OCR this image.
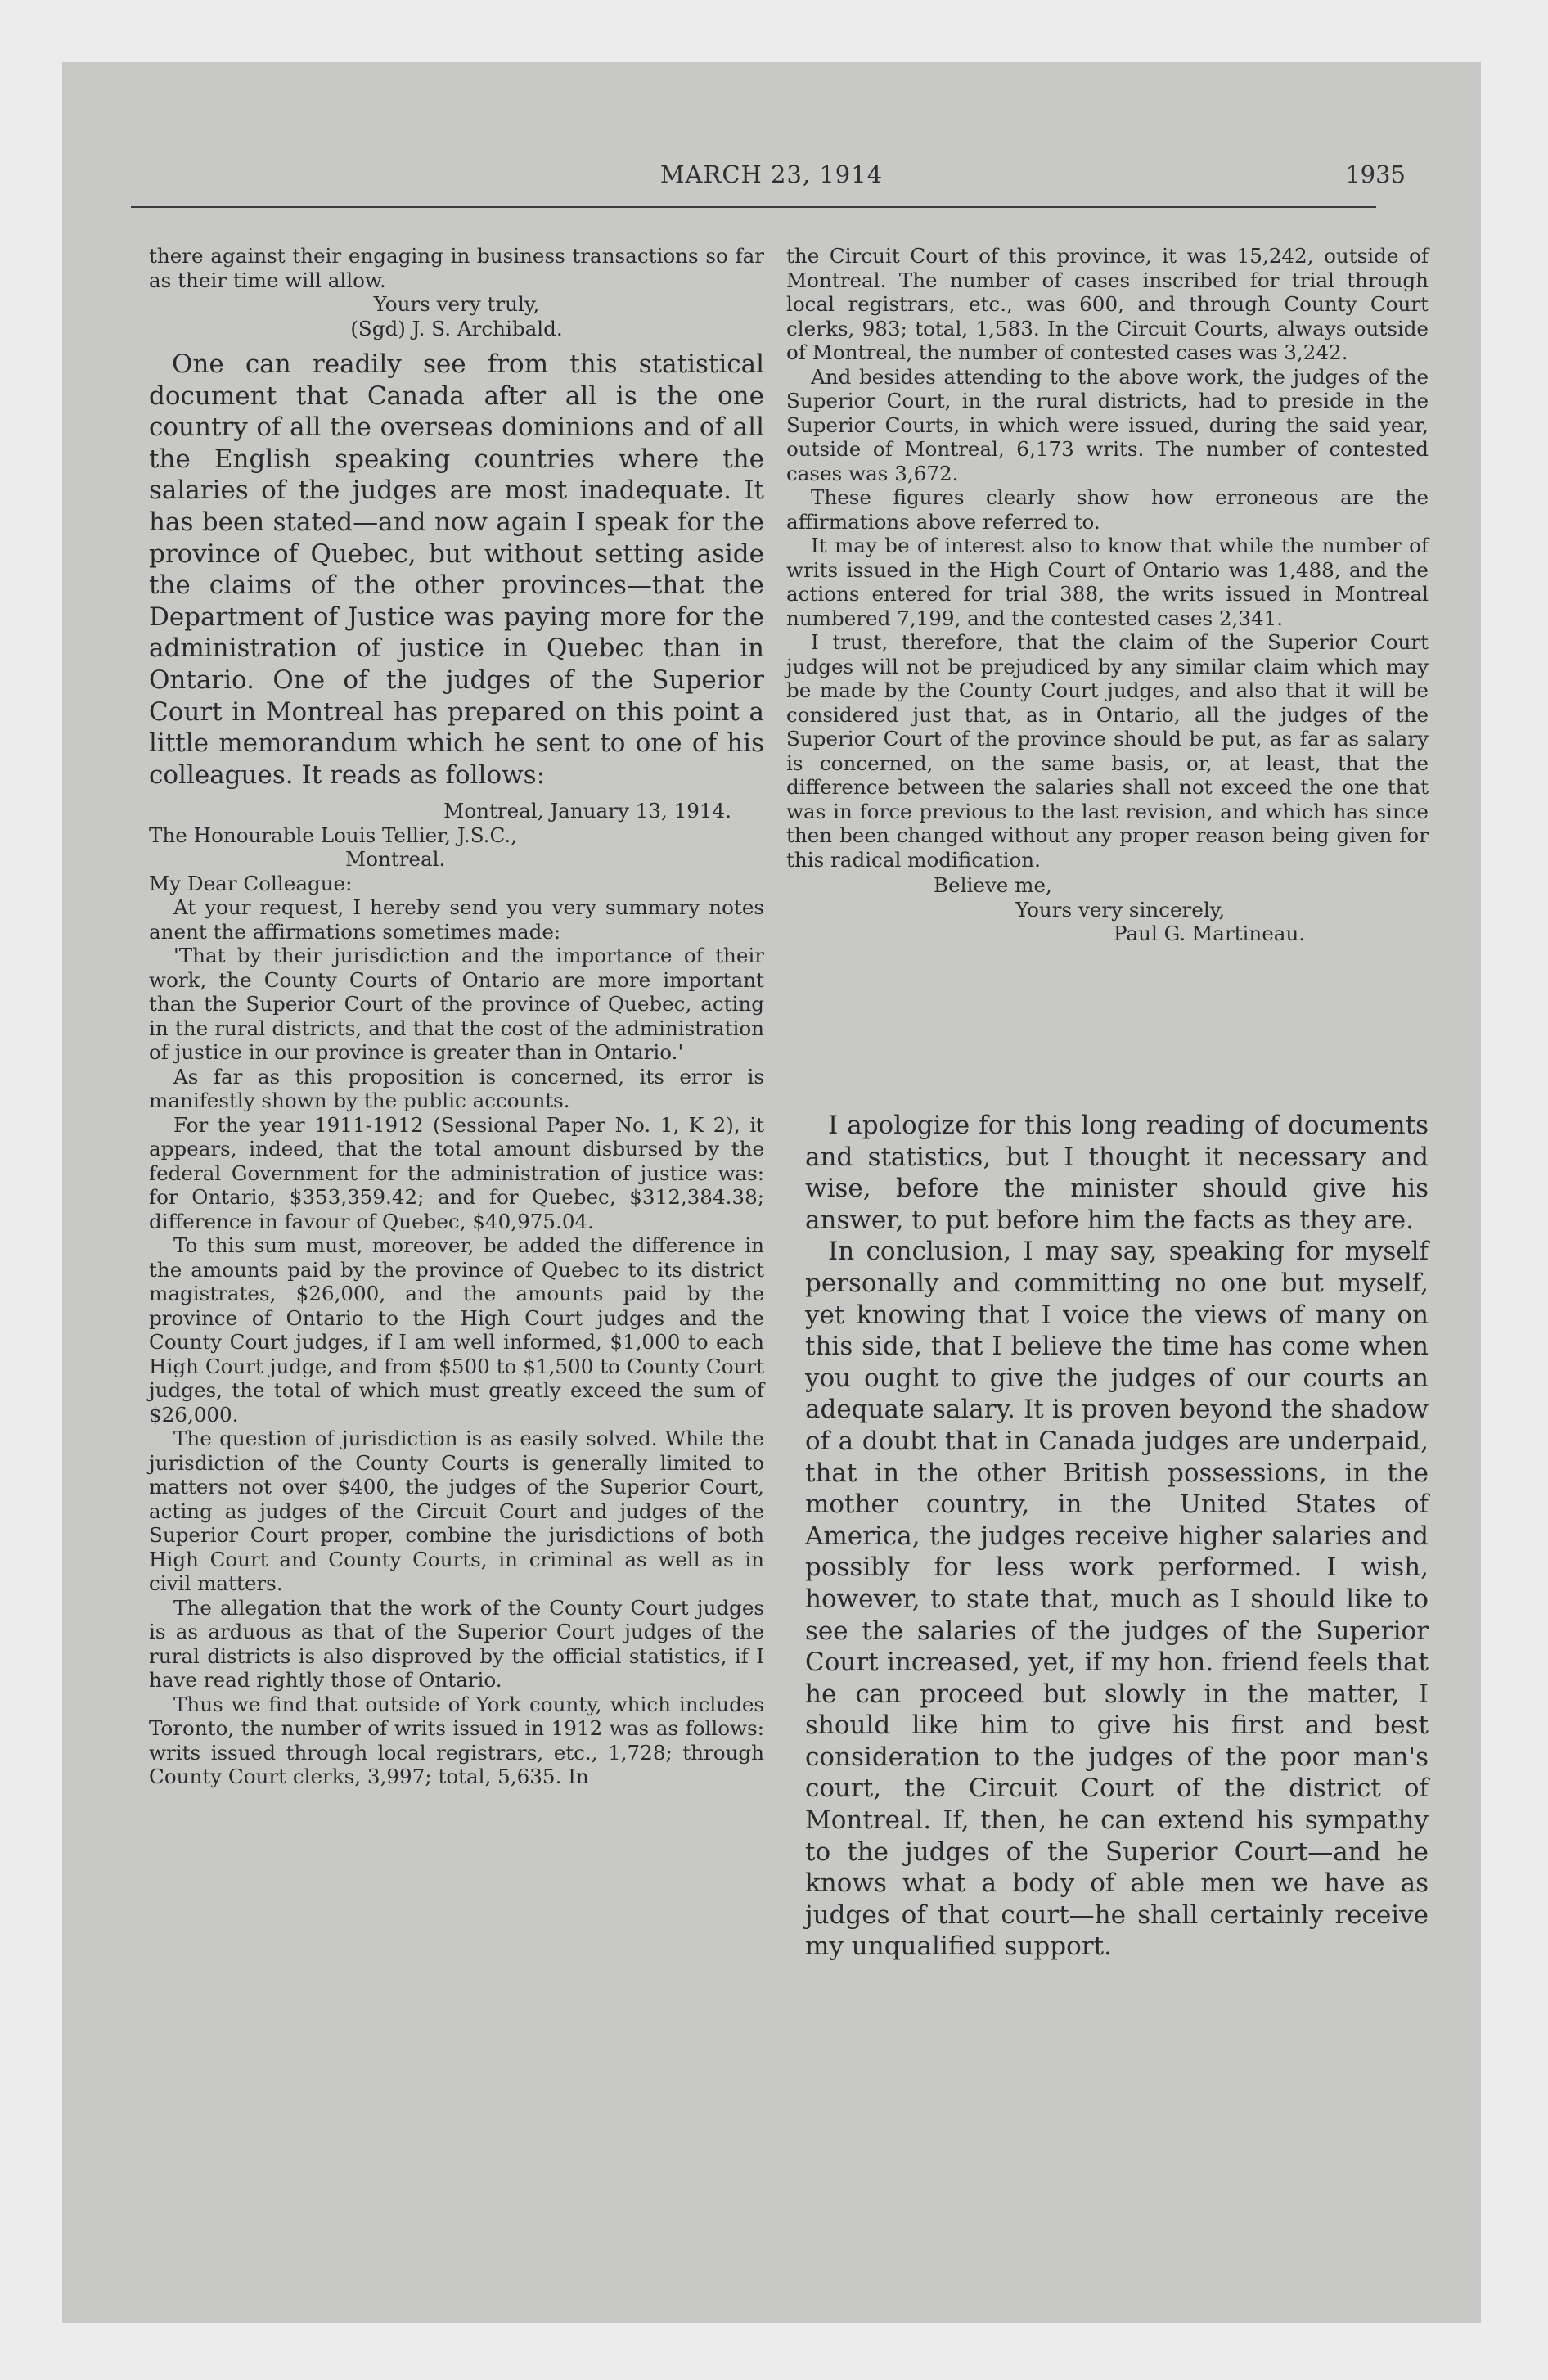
MARCH 23, 1914	1935

there against their engaging in business transactions so far as their time will allow.

Yours very truly,

(Sgd) J. S. Archibald.

One can readily see from this statistical document that Canada after all is the one country of all the overseas dominions and of all the English speaking countries where the salaries of the judges are most inadequate. It has been stated—and now again I speak for the province of Quebec, but without setting aside the claims of the other provinces—that the Department of Justice was paying more for the administration of justice in Quebec than in Ontario. One of the judges of the Superior Court in Montreal has prepared on this point a little memorandum which he sent to one of his colleagues. It reads as follows:

Montreal, January 13, 1914.

The Honourable Louis Tellier, J.S.C.,

Montreal.

My Dear Colleague:

At your request, I hereby send you very summary notes anent the affirmations sometimes made:

'That by their jurisdiction and the importance of their work, the County Courts of Ontario are more important than the Superior Court of the province of Quebec, acting in the rural districts, and that the cost of the administration of justice in our province is greater than in Ontario.'

As far as this proposition is concerned, its error is manifestly shown by the public accounts.

For the year 1911-1912 (Sessional Paper No. 1, K 2), it appears, indeed, that the total amount disbursed by the federal Government for the administration of justice was: for Ontario, $353,359.42; and for Quebec, $312,384.38; difference in favour of Quebec, $40,975.04.

To this sum must, moreover, be added the difference in the amounts paid by the province of Quebec to its district magistrates, $26,000, and the amounts paid by the province of Ontario to the High Court judges and the County Court judges, if I am well informed, $1,000 to each High Court judge, and from $500 to $1,500 to County Court judges, the total of which must greatly exceed the sum of $26,000.

The question of jurisdiction is as easily solved. While the jurisdiction of the County Courts is generally limited to matters not over $400, the judges of the Superior Court, acting as judges of the Circuit Court and judges of the Superior Court proper, combine the jurisdictions of both High Court and County Courts, in criminal as well as in civil matters.

The allegation that the work of the County Court judges is as arduous as that of the Superior Court judges of the rural districts is also disproved by the official statistics, if I have read rightly those of Ontario.

Thus we find that outside of York county, which includes Toronto, the number of writs issued in 1912 was as follows: writs issued through local registrars, etc., 1,728; through County Court clerks, 3,997; total, 5,635. In

the Circuit Court of this province, it was 15,242, outside of Montreal. The number of cases inscribed for trial through local registrars, etc., was 600, and through County Court clerks, 983; total, 1,583. In the Circuit Courts, always outside of Montreal, the number of contested cases was 3,242.

And besides attending to the above work, the judges of the Superior Court, in the rural districts, had to preside in the Superior Courts, in which were issued, during the said year, outside of Montreal, 6,173 writs. The number of contested cases was 3,672.

These figures clearly show how erroneous are the affirmations above referred to.

It may be of interest also to know that while the number of writs issued in the High Court of Ontario was 1,488, and the actions entered for trial 388, the writs issued in Montreal numbered 7,199, and the contested cases 2,341.

I trust, therefore, that the claim of the Superior Court judges will not be prejudiced by any similar claim which may be made by the County Court judges, and also that it will be considered just that, as in Ontario, all the judges of the Superior Court of the province should be put, as far as salary is concerned, on the same basis, or, at least, that the difference between the salaries shall not exceed the one that was in force previous to the last revision, and which has since then been changed without any proper reason being given for this radical modification.

Believe me,
Yours very sincerely,
Paul G. Martineau.

I apologize for this long reading of documents and statistics, but I thought it necessary and wise, before the minister should give his answer, to put before him the facts as they are.

In conclusion, I may say, speaking for myself personally and committing no one but myself, yet knowing that I voice the views of many on this side, that I believe the time has come when you ought to give the judges of our courts an adequate salary. It is proven beyond the shadow of a doubt that in Canada judges are underpaid, that in the other British possessions, in the mother country, in the United States of America, the judges receive higher salaries and possibly for less work performed. I wish, however, to state that, much as I should like to see the salaries of the judges of the Superior Court increased, yet, if my hon. friend feels that he can proceed but slowly in the matter, I should like him to give his first and best consideration to the judges of the poor man's court, the Circuit Court of the district of Montreal. If, then, he can extend his sympathy to the judges of the Superior Court—and he knows what a body of able men we have as judges of that court—he shall certainly receive my unqualified support.
